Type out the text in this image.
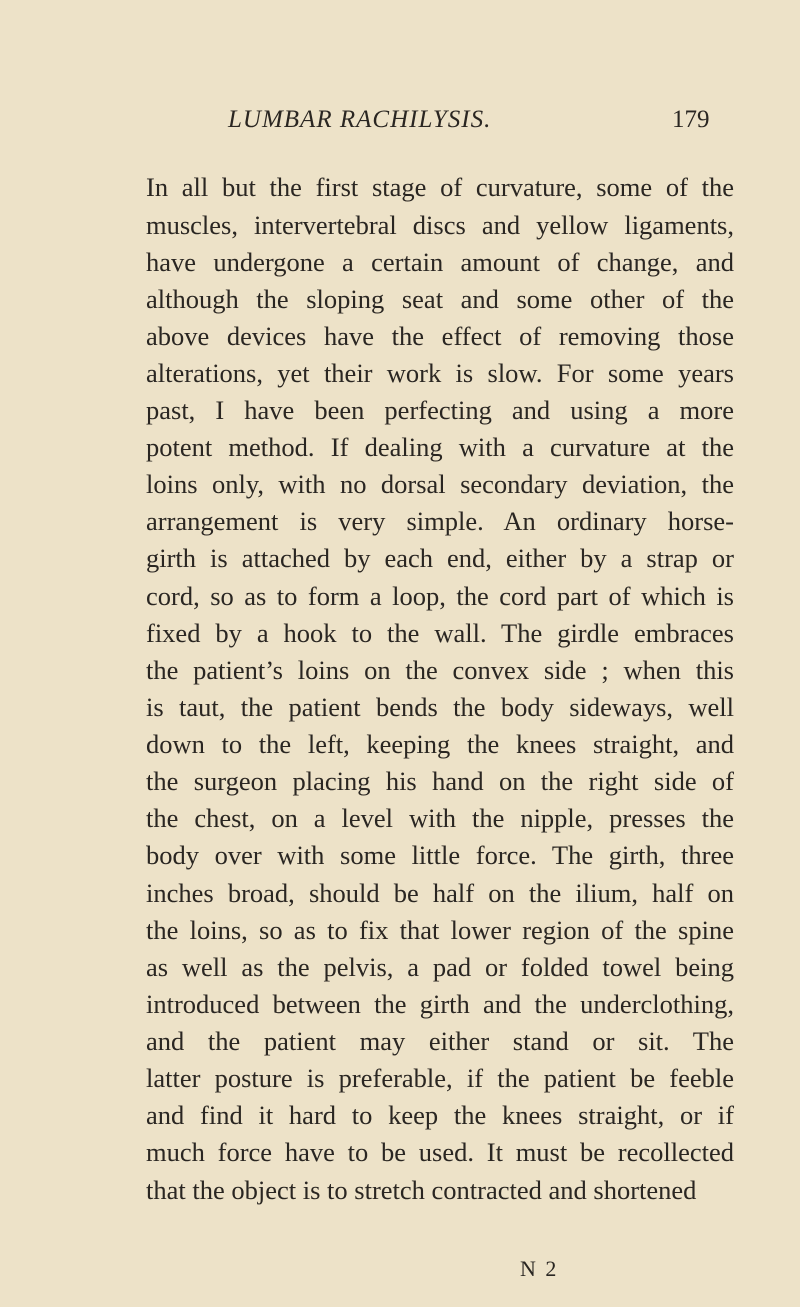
LUMBAR RACHILYSIS.	179
In all but the first stage of curvature, some of the
muscles, intervertebral discs and yellow ligaments,
have undergone a certain amount of change, and
although the sloping seat and some other of the
above devices have the effect of removing those
alterations, yet their work is slow. For some years
past, I have been perfecting and using a more
potent method. If dealing with a curvature at the
loins only, with no dorsal secondary deviation, the
arrangement is very simple. An ordinary horse-
girth is attached by each end, either by a strap or
cord, so as to form a loop, the cord part of which is
fixed by a hook to the wall. The girdle embraces
the patient’s loins on the convex side ; when this
is taut, the patient bends the body sideways, well
down to the left, keeping the knees straight, and
the surgeon placing his hand on the right side of
the chest, on a level with the nipple, presses the
body over with some little force. The girth, three
inches broad, should be half on the ilium, half on
the loins, so as to fix that lower region of the spine
as well as the pelvis, a pad or folded towel being
introduced between the girth and the underclothing,
and the patient may either stand or sit. The
latter posture is preferable, if the patient be feeble
and find it hard to keep the knees straight, or if
much force have to be used. It must be recollected
that the object is to stretch contracted and shortened
N 2
